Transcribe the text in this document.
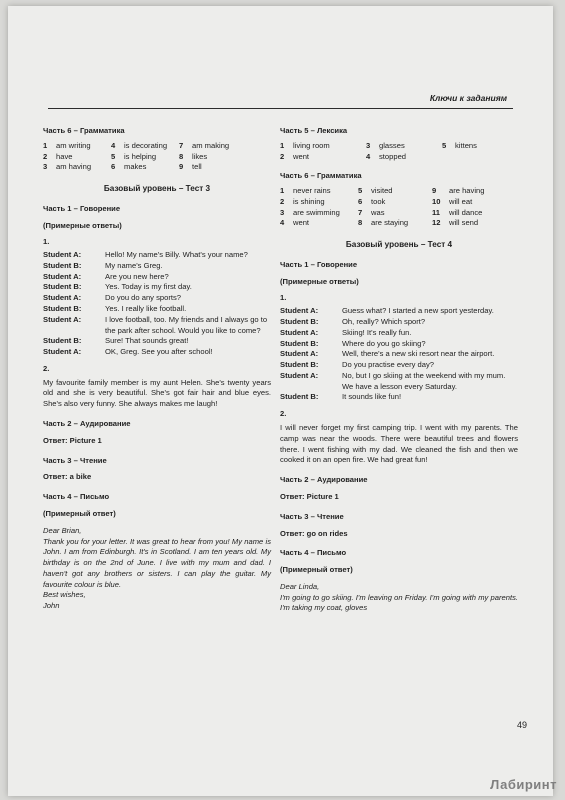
Ключи к заданиям
Часть 6 – Грамматика
1	am writing	4	is decorating	7	am making
2	have	5	is helping	8	likes
3	am having	6	makes	9	tell
Базовый уровень – Тест 3
Часть 1 – Говорение
(Примерные ответы)
1.
Student A:	Hello! My name's Billy. What's your name?
Student B:	My name's Greg.
Student A:	Are you new here?
Student B:	Yes. Today is my first day.
Student A:	Do you do any sports?
Student B:	Yes. I really like football.
Student A:	I love football, too. My friends and I always go to the park after school. Would you like to come?
Student B:	Sure! That sounds great!
Student A:	OK, Greg. See you after school!
2.

My favourite family member is my aunt Helen. She's twenty years old and she is very beautiful. She's got fair hair and blue eyes. She's also very funny. She always makes me laugh!

Часть 2 – Аудирование
Ответ: Picture 1
Часть 3 – Чтение
Ответ: a bike
Часть 4 – Письмо
(Примерный ответ)

Dear Brian,

Thank you for your letter. It was great to hear from you! My name is John. I am from Edinburgh. It's in Scotland. I am ten years old. My birthday is on the 2nd of June. I live with my mum and dad. I haven't got any brothers or sisters. I can play the guitar. My favourite colour is blue.

Best wishes,

John

Часть 5 – Лексика
1	living room	3	glasses	5	kittens
2	went	4	stopped		
Часть 6 – Грамматика
1	never rains	5	visited	9	are having
2	is shining	6	took	10	will eat
3	are swimming	7	was	11	will dance
4	went	8	are staying	12	will send
Базовый уровень – Тест 4
Часть 1 – Говорение
(Примерные ответы)
1.
Student A:	Guess what? I started a new sport yesterday.
Student B:	Oh, really? Which sport?
Student A:	Skiing! It's really fun.
Student B:	Where do you go skiing?
Student A:	Well, there's a new ski resort near the airport.
Student B:	Do you practise every day?
Student A:	No, but I go skiing at the weekend with my mum. We have a lesson every Saturday.
Student B:	It sounds like fun!
2.

I will never forget my first camping trip. I went with my parents. The camp was near the woods. There were beautiful trees and flowers there. I went fishing with my dad. We cleaned the fish and then we cooked it on an open fire. We had great fun!

Часть 2 – Аудирование
Ответ: Picture 1
Часть 3 – Чтение
Ответ: go on rides
Часть 4 – Письмо
(Примерный ответ)

Dear Linda,

I'm going to go skiing. I'm leaving on Friday. I'm going with my parents. I'm taking my coat, gloves

49
Лабиринт
